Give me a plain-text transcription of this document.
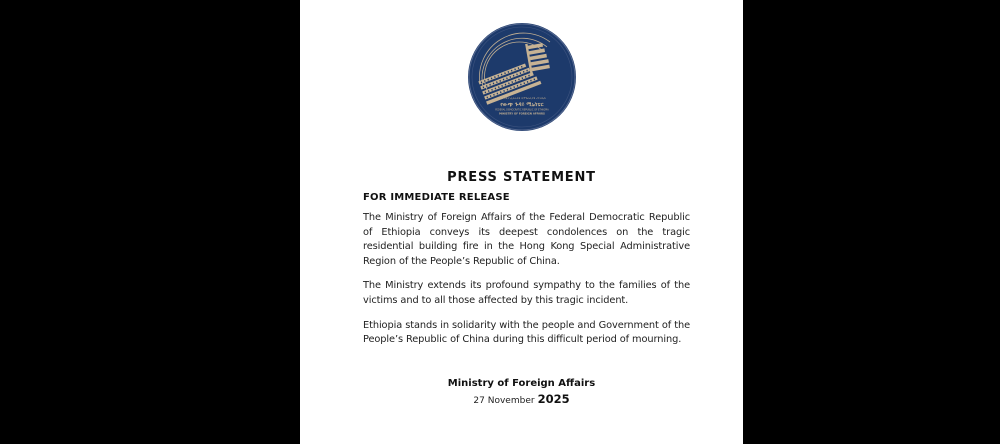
የኢትዮጵያ ፌዴራላዊ ዲሞክራሲያዊ ሪፐብሊክ
የውጭ ጉዳይ ሚኒስቴር
FEDERAL DEMOCRATIC REPUBLIC OF ETHIOPIA
MINISTRY OF FOREIGN AFFAIRS
PRESS STATEMENT
FOR IMMEDIATE RELEASE

The Ministry of Foreign Affairs of the Federal Democratic Republic of Ethiopia conveys its deepest condolences on the tragic residential building fire in the Hong Kong Special Administrative Region of the People’s Republic of China.

The Ministry extends its profound sympathy to the families of the victims and to all those affected by this tragic incident.

Ethiopia stands in solidarity with the people and Government of the People’s Republic of China during this difficult period of mourning.

Ministry of Foreign Affairs
27 November 2025
